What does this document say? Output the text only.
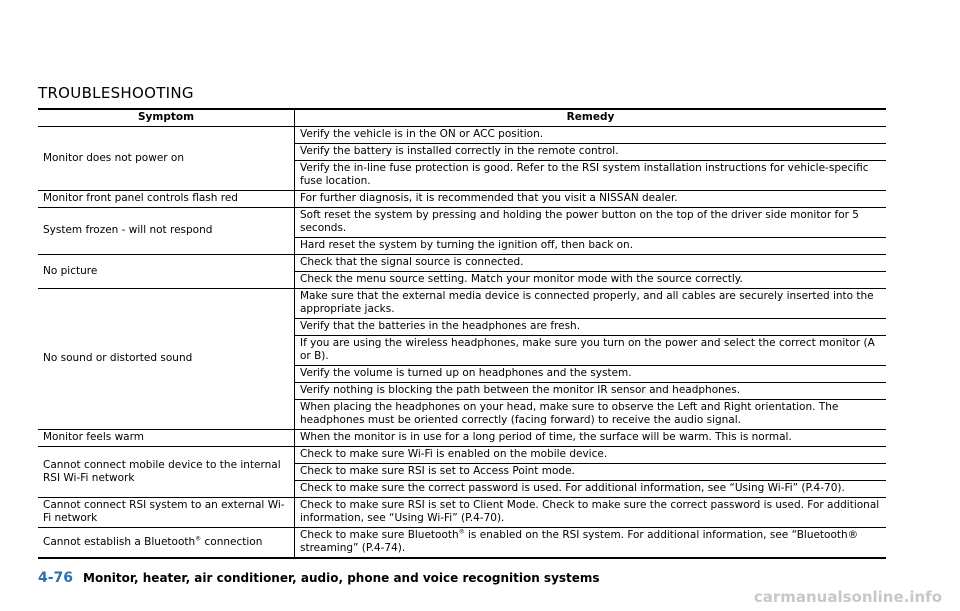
TROUBLESHOOTING
Symptom	Remedy
Monitor does not power on	Verify the vehicle is in the ON or ACC position.
	Verify the battery is installed correctly in the remote control.
	Verify the in-line fuse protection is good. Refer to the RSI system installation instructions for vehicle-specific fuse location.
Monitor front panel controls flash red	For further diagnosis, it is recommended that you visit a NISSAN dealer.
System frozen - will not respond	Soft reset the system by pressing and holding the power button on the top of the driver side monitor for 5 seconds.
	Hard reset the system by turning the ignition off, then back on.
No picture	Check that the signal source is connected.
	Check the menu source setting. Match your monitor mode with the source correctly.
No sound or distorted sound	Make sure that the external media device is connected properly, and all cables are securely inserted into the appropriate jacks.
	Verify that the batteries in the headphones are fresh.
	If you are using the wireless headphones, make sure you turn on the power and select the correct monitor (A or B).
	Verify the volume is turned up on headphones and the system.
	Verify nothing is blocking the path between the monitor IR sensor and headphones.
	When placing the headphones on your head, make sure to observe the Left and Right orientation. The headphones must be oriented correctly (facing forward) to receive the audio signal.
Monitor feels warm	When the monitor is in use for a long period of time, the surface will be warm. This is normal.
Cannot connect mobile device to the internal RSI Wi-Fi network	Check to make sure Wi-Fi is enabled on the mobile device.
	Check to make sure RSI is set to Access Point mode.
	Check to make sure the correct password is used. For additional information, see “Using Wi-Fi” (P.4-70).
Cannot connect RSI system to an external Wi-Fi network	Check to make sure RSI is set to Client Mode. Check to make sure the correct password is used. For additional information, see “Using Wi-Fi” (P.4-70).
Cannot establish a Bluetooth® connection	Check to make sure Bluetooth® is enabled on the RSI system. For additional information, see “Bluetooth® streaming” (P.4-74).
4-76 Monitor, heater, air conditioner, audio, phone and voice recognition systems
carmanualsonline.info
